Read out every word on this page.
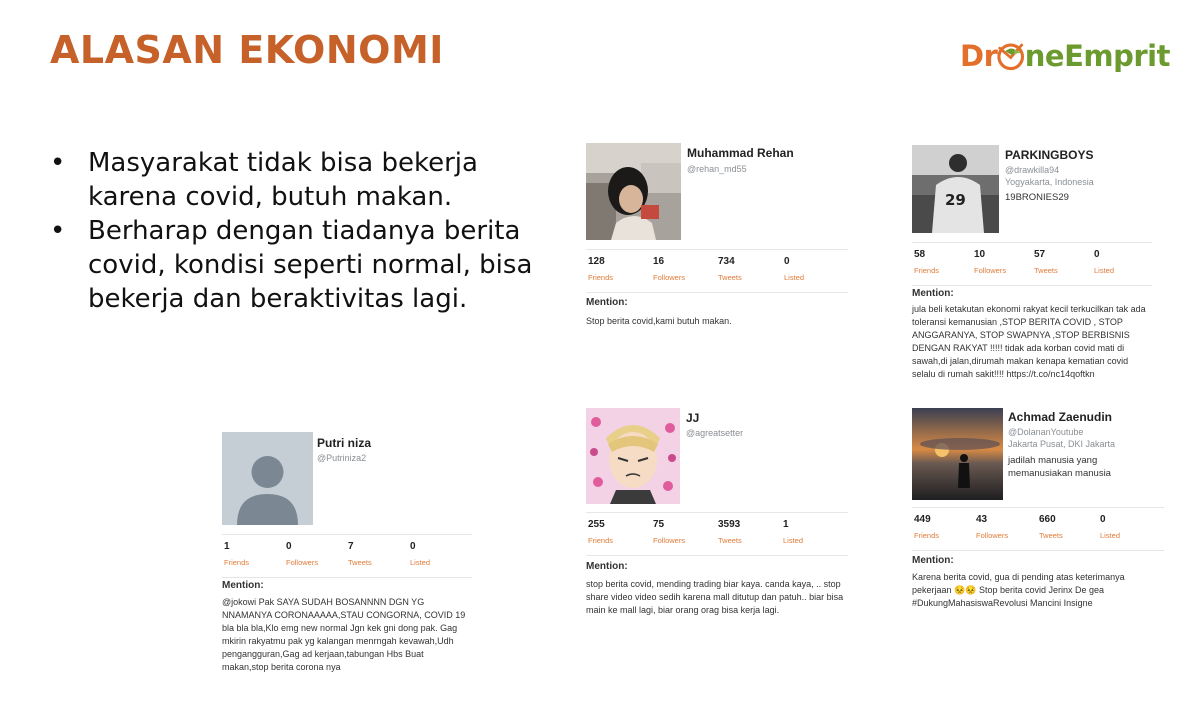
ALASAN EKONOMI	Dr neEmprit
• Masyarakat tidak bisa bekerja karena covid, butuh makan.
• Berharap dengan tiadanya berita covid, kondisi seperti normal, bisa bekerja dan beraktivitas lagi.
Muhammad Rehan
@rehan_md55
128
Friends
16
Followers
734
Tweets
0
Listed
Mention:
Stop berita covid,kami butuh makan.
29
PARKINGBOYS
@drawkilla94
Yogyakarta, Indonesia
19BRONIES29
58
Friends
10
Followers
57
Tweets
0
Listed
Mention:
jula beli ketakutan ekonomi rakyat kecil terkucilkan tak ada toleransi kemanusian ,STOP BERITA COVID , STOP ANGGARANYA, STOP SWAPNYA ,STOP BERBISNIS DENGAN RAKYAT !!!!! tidak ada korban covid mati di sawah,di jalan,dirumah makan kenapa kematian covid selalu di rumah sakit!!!! https://t.co/nc14qoftkn
Putri niza
@Putriniza2
1
Friends
0
Followers
7
Tweets
0
Listed
Mention:
@jokowi Pak SAYA SUDAH BOSANNNN DGN YG NNAMANYA CORONAAAAA,STAU CONGORNA, COVID 19 bla bla bla,Klo emg new normal Jgn kek gni dong pak. Gag mkirin rakyatmu pak yg kalangan menrngah kevawah,Udh pengangguran,Gag ad kerjaan,tabungan Hbs Buat makan,stop berita corona nya
JJ
@agreatsetter
255
Friends
75
Followers
3593
Tweets
1
Listed
Mention:
stop berita covid, mending trading biar kaya. canda kaya, .. stop share video video sedih karena mall ditutup dan patuh.. biar bisa main ke mall lagi, biar orang orag bisa kerja lagi.
Achmad Zaenudin
@DolananYoutube
Jakarta Pusat, DKI Jakarta
jadilah manusia yang memanusiakan manusia
449
Friends
43
Followers
660
Tweets
0
Listed
Mention:
Karena berita covid, gua di pending atas keterimanya pekerjaan 😣😣 Stop berita covid Jerinx De gea #DukungMahasiswaRevolusi Mancini Insigne
